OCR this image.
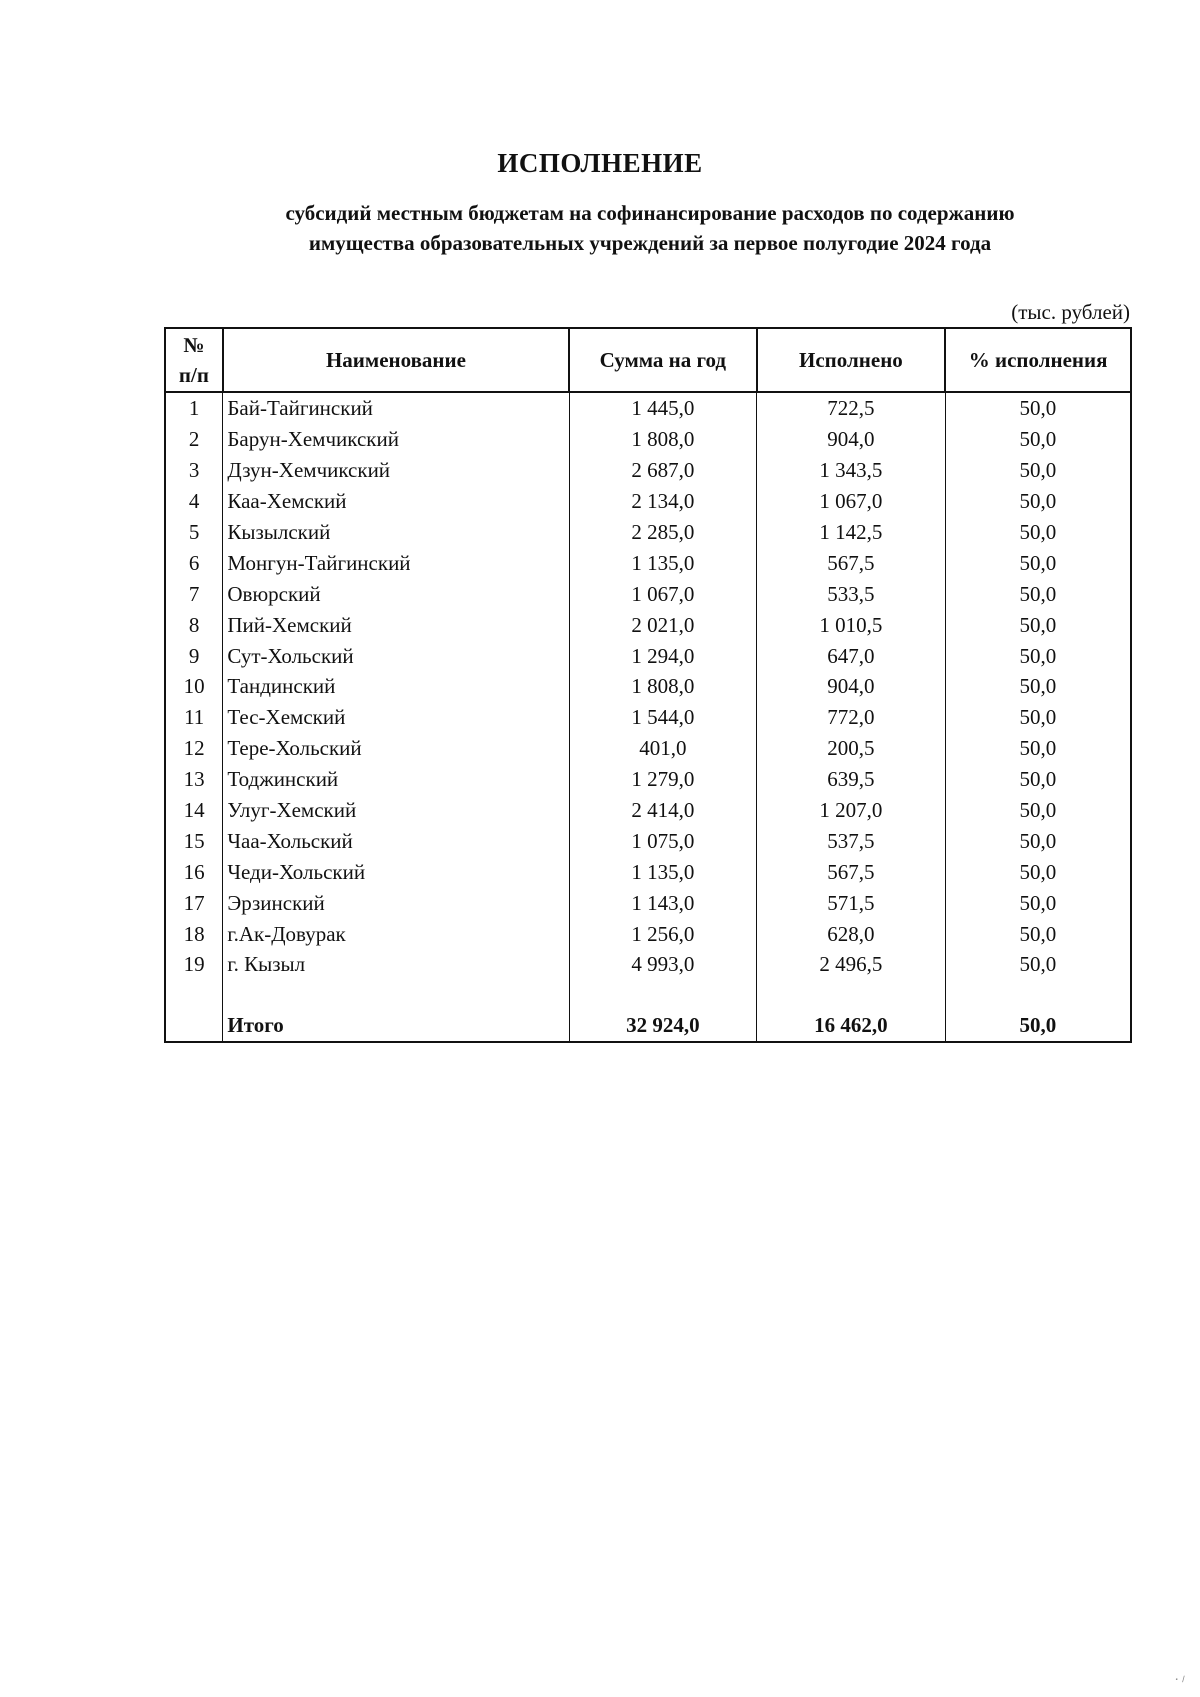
ИСПОЛНЕНИЕ
субсидий местным бюджетам на софинансирование расходов по содержанию
имущества образовательных учреждений за первое полугодие 2024 года
(тыс. рублей)
№
п/п	Наименование	Сумма на год	Исполнено	% исполнения
1	Бай-Тайгинский	1 445,0	722,5	50,0
2	Барун-Хемчикский	1 808,0	904,0	50,0
3	Дзун-Хемчикский	2 687,0	1 343,5	50,0
4	Каа-Хемский	2 134,0	1 067,0	50,0
5	Кызылский	2 285,0	1 142,5	50,0
6	Монгун-Тайгинский	1 135,0	567,5	50,0
7	Овюрский	1 067,0	533,5	50,0
8	Пий-Хемский	2 021,0	1 010,5	50,0
9	Сут-Хольский	1 294,0	647,0	50,0
10	Тандинский	1 808,0	904,0	50,0
11	Тес-Хемский	1 544,0	772,0	50,0
12	Тере-Хольский	401,0	200,5	50,0
13	Тоджинский	1 279,0	639,5	50,0
14	Улуг-Хемский	2 414,0	1 207,0	50,0
15	Чаа-Хольский	1 075,0	537,5	50,0
16	Чеди-Хольский	1 135,0	567,5	50,0
17	Эрзинский	1 143,0	571,5	50,0
18	г.Ак-Довурак	1 256,0	628,0	50,0
19	г. Кызыл	4 993,0	2 496,5	50,0

	Итого	32 924,0	16 462,0	50,0
·⸝
